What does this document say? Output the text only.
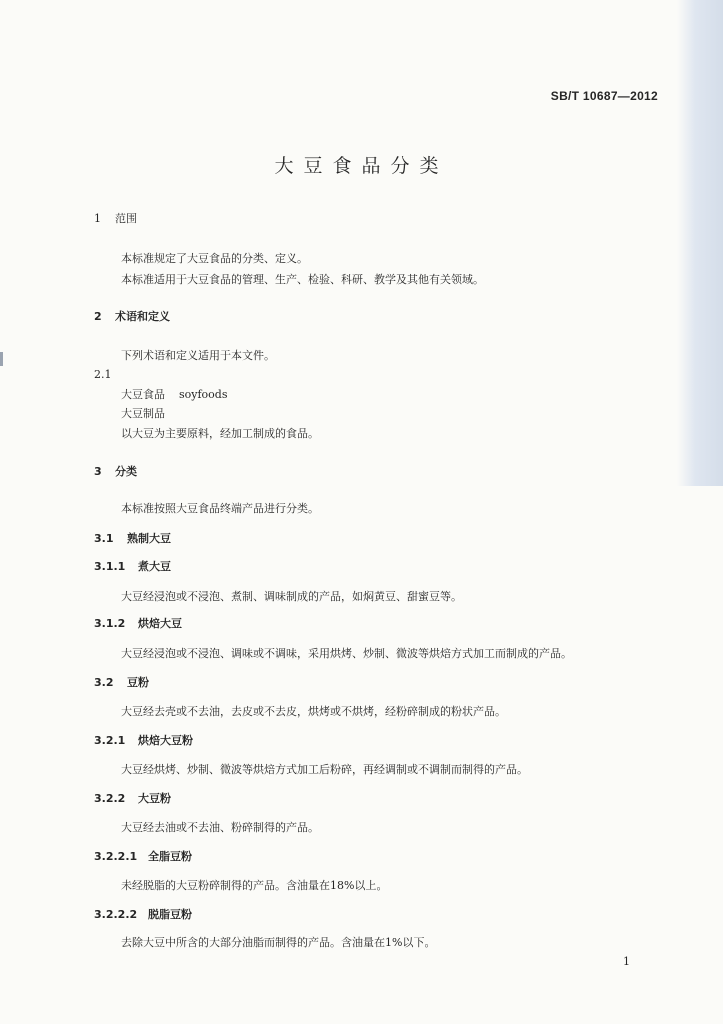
SB/T 10687—2012
大豆食品分类
1 范围
本标准规定了大豆食品的分类、定义。
本标准适用于大豆食品的管理、生产、检验、科研、教学及其他有关领域。
2 术语和定义
下列术语和定义适用于本文件。
2.1
大豆食品 soyfoods
大豆制品
以大豆为主要原料，经加工制成的食品。
3 分类
本标准按照大豆食品终端产品进行分类。
3.1 熟制大豆
3.1.1 煮大豆
大豆经浸泡或不浸泡、煮制、调味制成的产品，如焖黄豆、甜蜜豆等。
3.1.2 烘焙大豆
大豆经浸泡或不浸泡、调味或不调味，采用烘烤、炒制、微波等烘焙方式加工而制成的产品。
3.2 豆粉
大豆经去壳或不去油，去皮或不去皮，烘烤或不烘烤，经粉碎制成的粉状产品。
3.2.1 烘焙大豆粉
大豆经烘烤、炒制、微波等烘焙方式加工后粉碎，再经调制或不调制而制得的产品。
3.2.2 大豆粉
大豆经去油或不去油、粉碎制得的产品。
3.2.2.1 全脂豆粉
未经脱脂的大豆粉碎制得的产品。含油量在18%以上。
3.2.2.2 脱脂豆粉
去除大豆中所含的大部分油脂而制得的产品。含油量在1%以下。
1
